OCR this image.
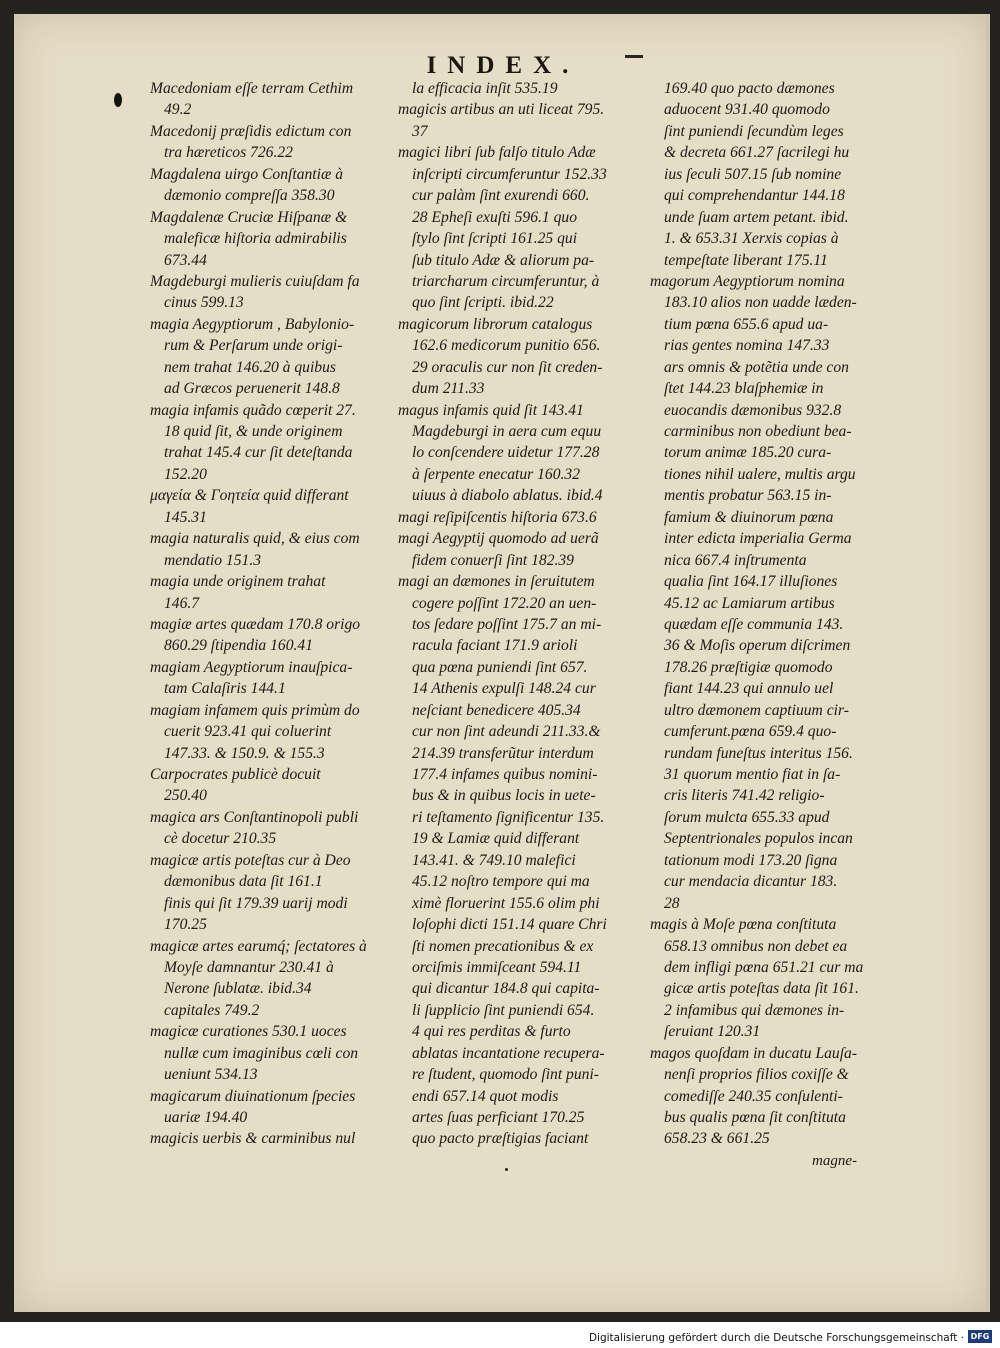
INDEX.
Macedoniam eſſe terram Cethim
49.2
Macedonij præſidis edictum con
tra hæreticos 726.22
Magdalena uirgo Conſtantiæ à
dæmonio compreſſa 358.30
Magdalenæ Cruciæ Hiſpanæ &
maleficæ hiſtoria admirabilis
673.44
Magdeburgi mulieris cuiuſdam fa
cinus 599.13
magia Aegyptiorum , Babylonio-
rum & Perſarum unde origi-
nem trahat 146.20 à quibus
ad Græcos peruenerit 148.8
magia infamis quãdo cœperit 27.
18 quid ſit, & unde originem
trahat 145.4 cur ſit deteſtanda
152.20
μαγεία & Γοητεία quid differant
145.31
magia naturalis quid, & eius com
mendatio 151.3
magia unde originem trahat
146.7
magiæ artes quædam 170.8 origo
860.29 ſtipendia 160.41
magiam Aegyptiorum inauſpica-
tam Calaſiris 144.1
magiam infamem quis primùm do
cuerit 923.41 qui coluerint
147.33. & 150.9. & 155.3
Carpocrates publicè docuit
250.40
magica ars Conſtantinopoli publi
cè docetur 210.35
magicæ artis poteſtas cur à Deo
dæmonibus data ſit 161.1
finis qui ſit 179.39 uarij modi
170.25
magicæ artes earumq́; ſectatores à
Moyſe damnantur 230.41 à
Nerone ſublatæ. ibid.34
capitales 749.2
magicæ curationes 530.1 uoces
nullæ cum imaginibus cœli con
ueniunt 534.13
magicarum diuinationum ſpecies
uariæ 194.40
magicis uerbis & carminibus nul
la efficacia inſit 535.19
magicis artibus an uti liceat 795.
37
magici libri ſub falſo titulo Adæ
inſcripti circumferuntur 152.33
cur palàm ſint exurendi 660.
28 Epheſi exuſti 596.1 quo
ſtylo ſint ſcripti 161.25 qui
ſub titulo Adæ & aliorum pa-
triarcharum circumferuntur, à
quo ſint ſcripti. ibid.22
magicorum librorum catalogus
162.6 medicorum punitio 656.
29 oraculis cur non ſit creden-
dum 211.33
magus infamis quid ſit 143.41
Magdeburgi in aera cum equu
lo conſcendere uidetur 177.28
à ſerpente enecatur 160.32
uiuus à diabolo ablatus. ibid.4
magi reſipiſcentis hiſtoria 673.6
magi Aegyptij quomodo ad uerã
fidem conuerſi ſint 182.39
magi an dæmones in ſeruitutem
cogere poſſint 172.20 an uen-
tos ſedare poſſint 175.7 an mi-
racula faciant 171.9 arioli
qua pœna puniendi ſint 657.
14 Athenis expulſi 148.24 cur
neſciant benedicere 405.34
cur non ſint adeundi 211.33.&
214.39 transferũtur interdum
177.4 infames quibus nomini-
bus & in quibus locis in uete-
ri teſtamento ſignificentur 135.
19 & Lamiæ quid differant
143.41. & 749.10 malefici
45.12 noſtro tempore qui ma
ximè floruerint 155.6 olim phi
loſophi dicti 151.14 quare Chri
ſti nomen precationibus & ex
orciſmis immiſceant 594.11
qui dicantur 184.8 qui capita-
li ſupplicio ſint puniendi 654.
4 qui res perditas & furto
ablatas incantatione recupera-
re ſtudent, quomodo ſint puni-
endi 657.14 quot modis
artes ſuas perficiant 170.25
quo pacto præſtigias faciant
169.40 quo pacto dæmones
aduocent 931.40 quomodo
ſint puniendi ſecundùm leges
& decreta 661.27 ſacrilegi hu
ius ſeculi 507.15 ſub nomine
qui comprehendantur 144.18
unde ſuam artem petant. ibid.
1. & 653.31 Xerxis copias à
tempeſtate liberant 175.11
magorum Aegyptiorum nomina
183.10 alios non uadde læden-
tium pœna 655.6 apud ua-
rias gentes nomina 147.33
ars omnis & potẽtia unde con
ſtet 144.23 blaſphemiæ in
euocandis dæmonibus 932.8
carminibus non obediunt bea-
torum animæ 185.20 cura-
tiones nihil ualere, multis argu
mentis probatur 563.15 in-
famium & diuinorum pœna
inter edicta imperialia Germa
nica 667.4 inſtrumenta
qualia ſint 164.17 illuſiones
45.12 ac Lamiarum artibus
quædam eſſe communia 143.
36 & Moſis operum diſcrimen
178.26 præſtigiæ quomodo
fiant 144.23 qui annulo uel
ultro dæmonem captiuum cir-
cumferunt.pœna 659.4 quo-
rundam funeſtus interitus 156.
31 quorum mentio fiat in ſa-
cris literis 741.42 religio-
ſorum mulcta 655.33 apud
Septentrionales populos incan
tationum modi 173.20 ſigna
cur mendacia dicantur 183.
28
magis à Moſe pœna conſtituta
658.13 omnibus non debet ea
dem infligi pœna 651.21 cur ma
gicæ artis poteſtas data ſit 161.
2 infamibus qui dæmones in-
ſeruiant 120.31
magos quoſdam in ducatu Lauſa-
nenſi proprios filios coxiſſe &
comediſſe 240.35 conſulenti-
bus qualis pœna ſit conſtituta
658.23 & 661.25
magne-
Digitalisierung gefördert durch die Deutsche Forschungsgemeinschaft · DFG
